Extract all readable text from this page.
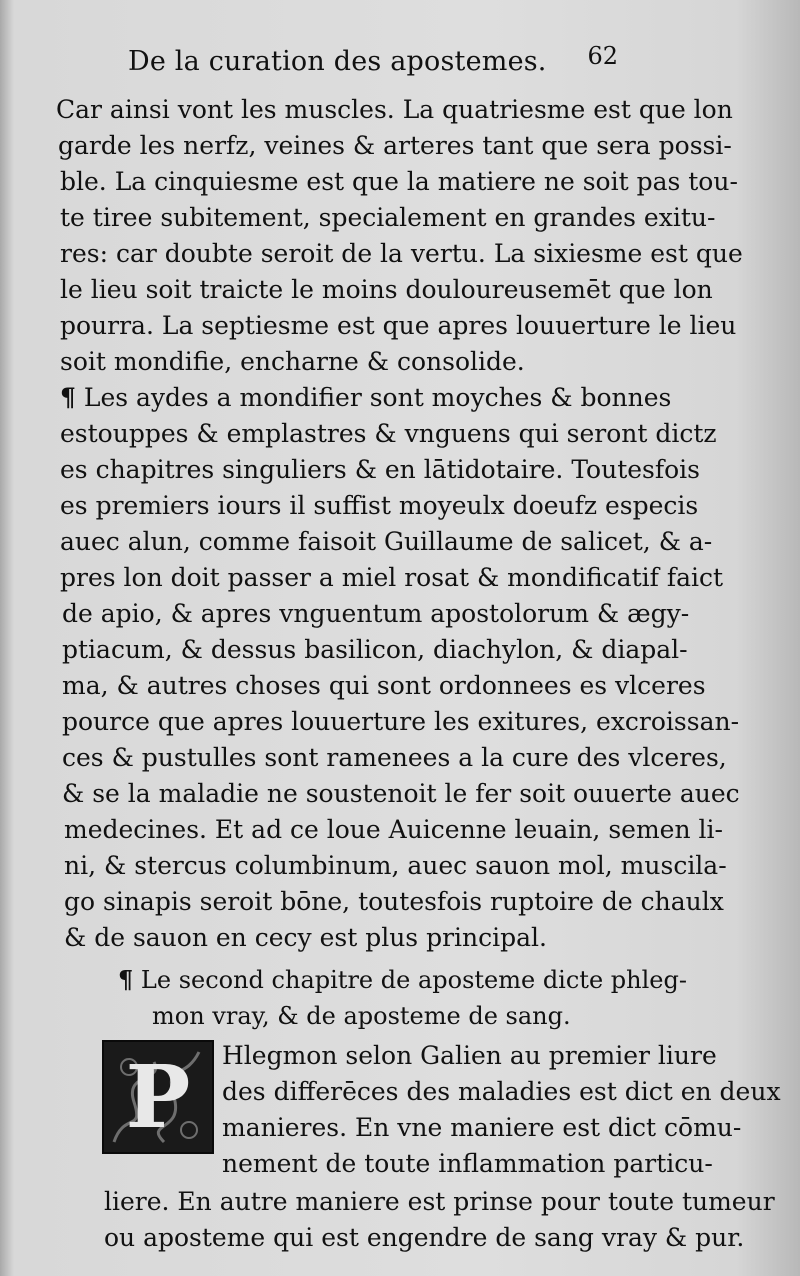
De la curation des apostemes. 62
Car ainsi vont les muscles. La quatriesme est que lon
garde les nerfz, veines & arteres tant que sera possi-
ble. La cinquiesme est que la matiere ne soit pas tou-
te tiree subitement, specialement en grandes exitu-
res: car doubte seroit de la vertu. La sixiesme est que
le lieu soit traicte le moins douloureusemēt que lon
pourra. La septiesme est que apres louuerture le lieu
soit mondifie, encharne & consolide.
¶ Les aydes a mondifier sont moyches & bonnes
estouppes & emplastres & vnguens qui seront dictz
es chapitres singuliers & en lātidotaire. Toutesfois
es premiers iours il suffist moyeulx doeufz especis
auec alun, comme faisoit Guillaume de salicet, & a-
pres lon doit passer a miel rosat & mondificatif faict
de apio, & apres vnguentum apostolorum & ægy-
ptiacum, & dessus basilicon, diachylon, & diapal-
ma, & autres choses qui sont ordonnees es vlceres
pource que apres louuerture les exitures, excroissan-
ces & pustulles sont ramenees a la cure des vlceres,
& se la maladie ne soustenoit le fer soit ouuerte auec
medecines. Et ad ce loue Auicenne leuain, semen li-
ni, & stercus columbinum, auec sauon mol, muscila-
go sinapis seroit bōne, toutesfois ruptoire de chaulx
& de sauon en cecy est plus principal.
¶ Le second chapitre de aposteme dicte phleg-
mon vray, & de aposteme de sang.
P	Hlegmon selon Galien au premier liure
des differēces des maladies est dict en deux
manieres. En vne maniere est dict cōmu-
nement de toute inflammation particu-
liere. En autre maniere est prinse pour toute tumeur
ou aposteme qui est engendre de sang vray & pur.
